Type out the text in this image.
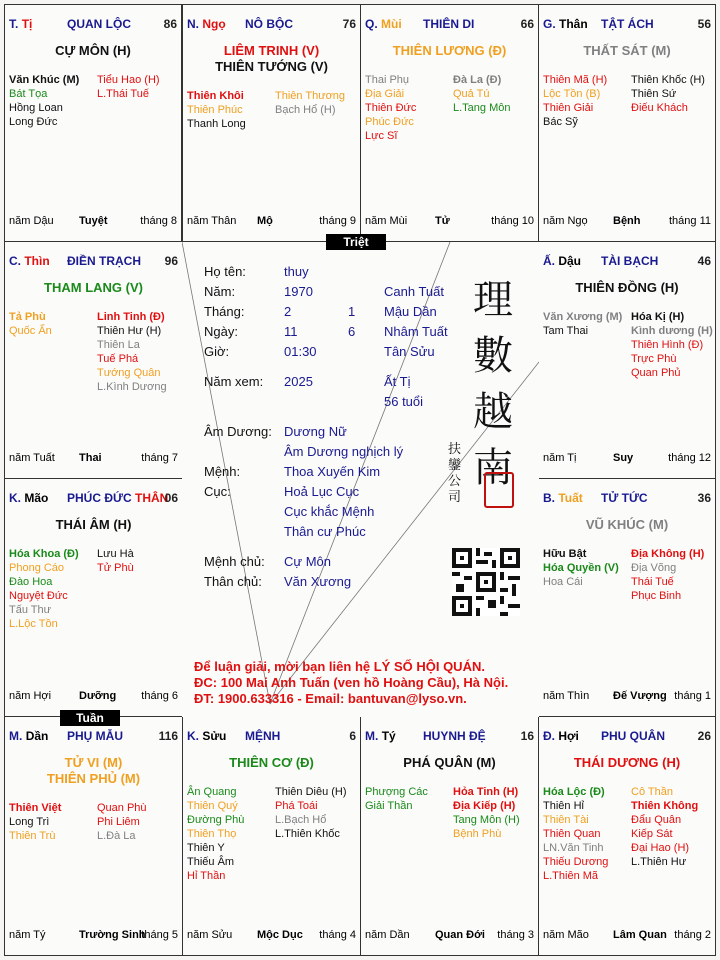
T. Tị	QUAN LỘC	86
CỰ MÔN (H)
Văn Khúc (M)
Bát Tọa
Hồng Loan
Long Đức
Tiểu Hao (H)
L.Thái Tuế
năm Dậu Tuyệt	tháng 8
N. Ngọ NÔ BỘC	76
LIÊM TRINH (V)
THIÊN TƯỚNG (V)
Thiên Khôi
Thiên Phúc
Thanh Long
Thiên Thương
Bạch Hổ (H)
năm Thân Mộ	tháng 9
Q. Mùi THIÊN DI	66
THIÊN LƯƠNG (Đ)
Thai Phụ
Địa Giải
Thiên Đức
Phúc Đức
Lực Sĩ
Đà La (Đ)
Quả Tú
L.Tang Môn
năm Mùi	Tử	tháng 10
G. Thân TẬT ÁCH	56
THẤT SÁT (M)
Thiên Mã (H)
Lộc Tồn (B)
Thiên Giải
Bác Sỹ
Thiên Khốc (H)
Thiên Sứ
Điếu Khách
năm Ngọ Bệnh	tháng 11
C. Thìn ĐIỀN TRẠCH 96
THAM LANG (V)
Tả Phù
Quốc Ấn
Linh Tinh (Đ)
Thiên Hư (H)
Thiên La
Tuế Phá
Tướng Quân
L.Kình Dương
năm Tuất Thai	tháng 7
Ấ. Dậu TÀI BẠCH	46
THIÊN ĐỒNG (H)
Văn Xương (M)
Tam Thai
Hóa Kị (H)
Kình dương (H)
Thiên Hình (Đ)
Trực Phù
Quan Phủ
năm Tị	Suy	tháng 12
K. Mão PHÚC ĐỨC THÂN
06
THÁI ÂM (H)
Hóa Khoa (Đ)
Phong Cáo
Đào Hoa
Nguyệt Đức
Tấu Thư
L.Lộc Tồn
Lưu Hà
Tử Phù
năm Hợi	Dưỡng	tháng 6
B. Tuất TỬ TỨC	36
VŨ KHÚC (M)
Hữu Bật
Hóa Quyền (V)
Hoa Cái
Địa Không (H)
Địa Võng
Thái Tuế
Phục Binh
năm Thìn Đế Vượng tháng 1
M. Dần PHỤ MẪU	116
TỬ VI (M)
THIÊN PHỦ (M)
Thiên Việt
Long Trì
Thiên Trù
Quan Phù
Phi Liêm
L.Đà La
năm Tý	Trường Sinh
tháng 5
K. Sửu MỆNH	6
THIÊN CƠ (Đ)
Ân Quang
Thiên Quý
Đường Phù
Thiên Thọ
Thiên Y
Thiếu Âm
Hỉ Thần
Thiên Diêu (H)
Phá Toái
L.Bạch Hổ
L.Thiên Khốc
năm Sửu Mộc Dục	tháng 4
M. Tý HUYNH ĐỆ	16
PHÁ QUÂN (M)
Phượng Các
Giải Thần
Hỏa Tinh (H)
Địa Kiếp (H)
Tang Môn (H)
Bệnh Phù
năm Dần Quan Đới	tháng 3
Đ. Hợi PHU QUÂN	26
THÁI DƯƠNG (H)
Hóa Lộc (Đ)
Thiên Hỉ
Thiên Tài
Thiên Quan
LN.Văn Tinh
Thiếu Dương
L.Thiên Mã
Cô Thần
Thiên Không
Đẩu Quân
Kiếp Sát
Đại Hao (H)
L.Thiên Hư
năm Mão Lâm Quan tháng 2
Họ tên:	thuy
Năm:	1970	Canh Tuất
Tháng:	2	1 Mậu Dần
Ngày:	11	6 Nhâm Tuất
Giờ:	01:30	Tân Sửu
Năm xem: 2025	Ất Tị
56 tuổi
Âm Dương: Dương Nữ
Âm Dương nghịch lý
Mệnh:	Thoa Xuyến Kim
Cục:	Hoả Lục Cục
Cục khắc Mệnh
Thân cư Phúc
Mệnh chủ: Cự Môn
Thân chủ: Văn Xương
理數越南
扶鑾公司
Để luận giải, mời bạn liên hệ LÝ SỐ HỘI QUÁN.
ĐC: 100 Mai Anh Tuấn (ven hồ Hoàng Cầu), Hà Nội.
ĐT: 1900.633316 - Email: bantuvan@lyso.vn.
Triệt
Tuần
